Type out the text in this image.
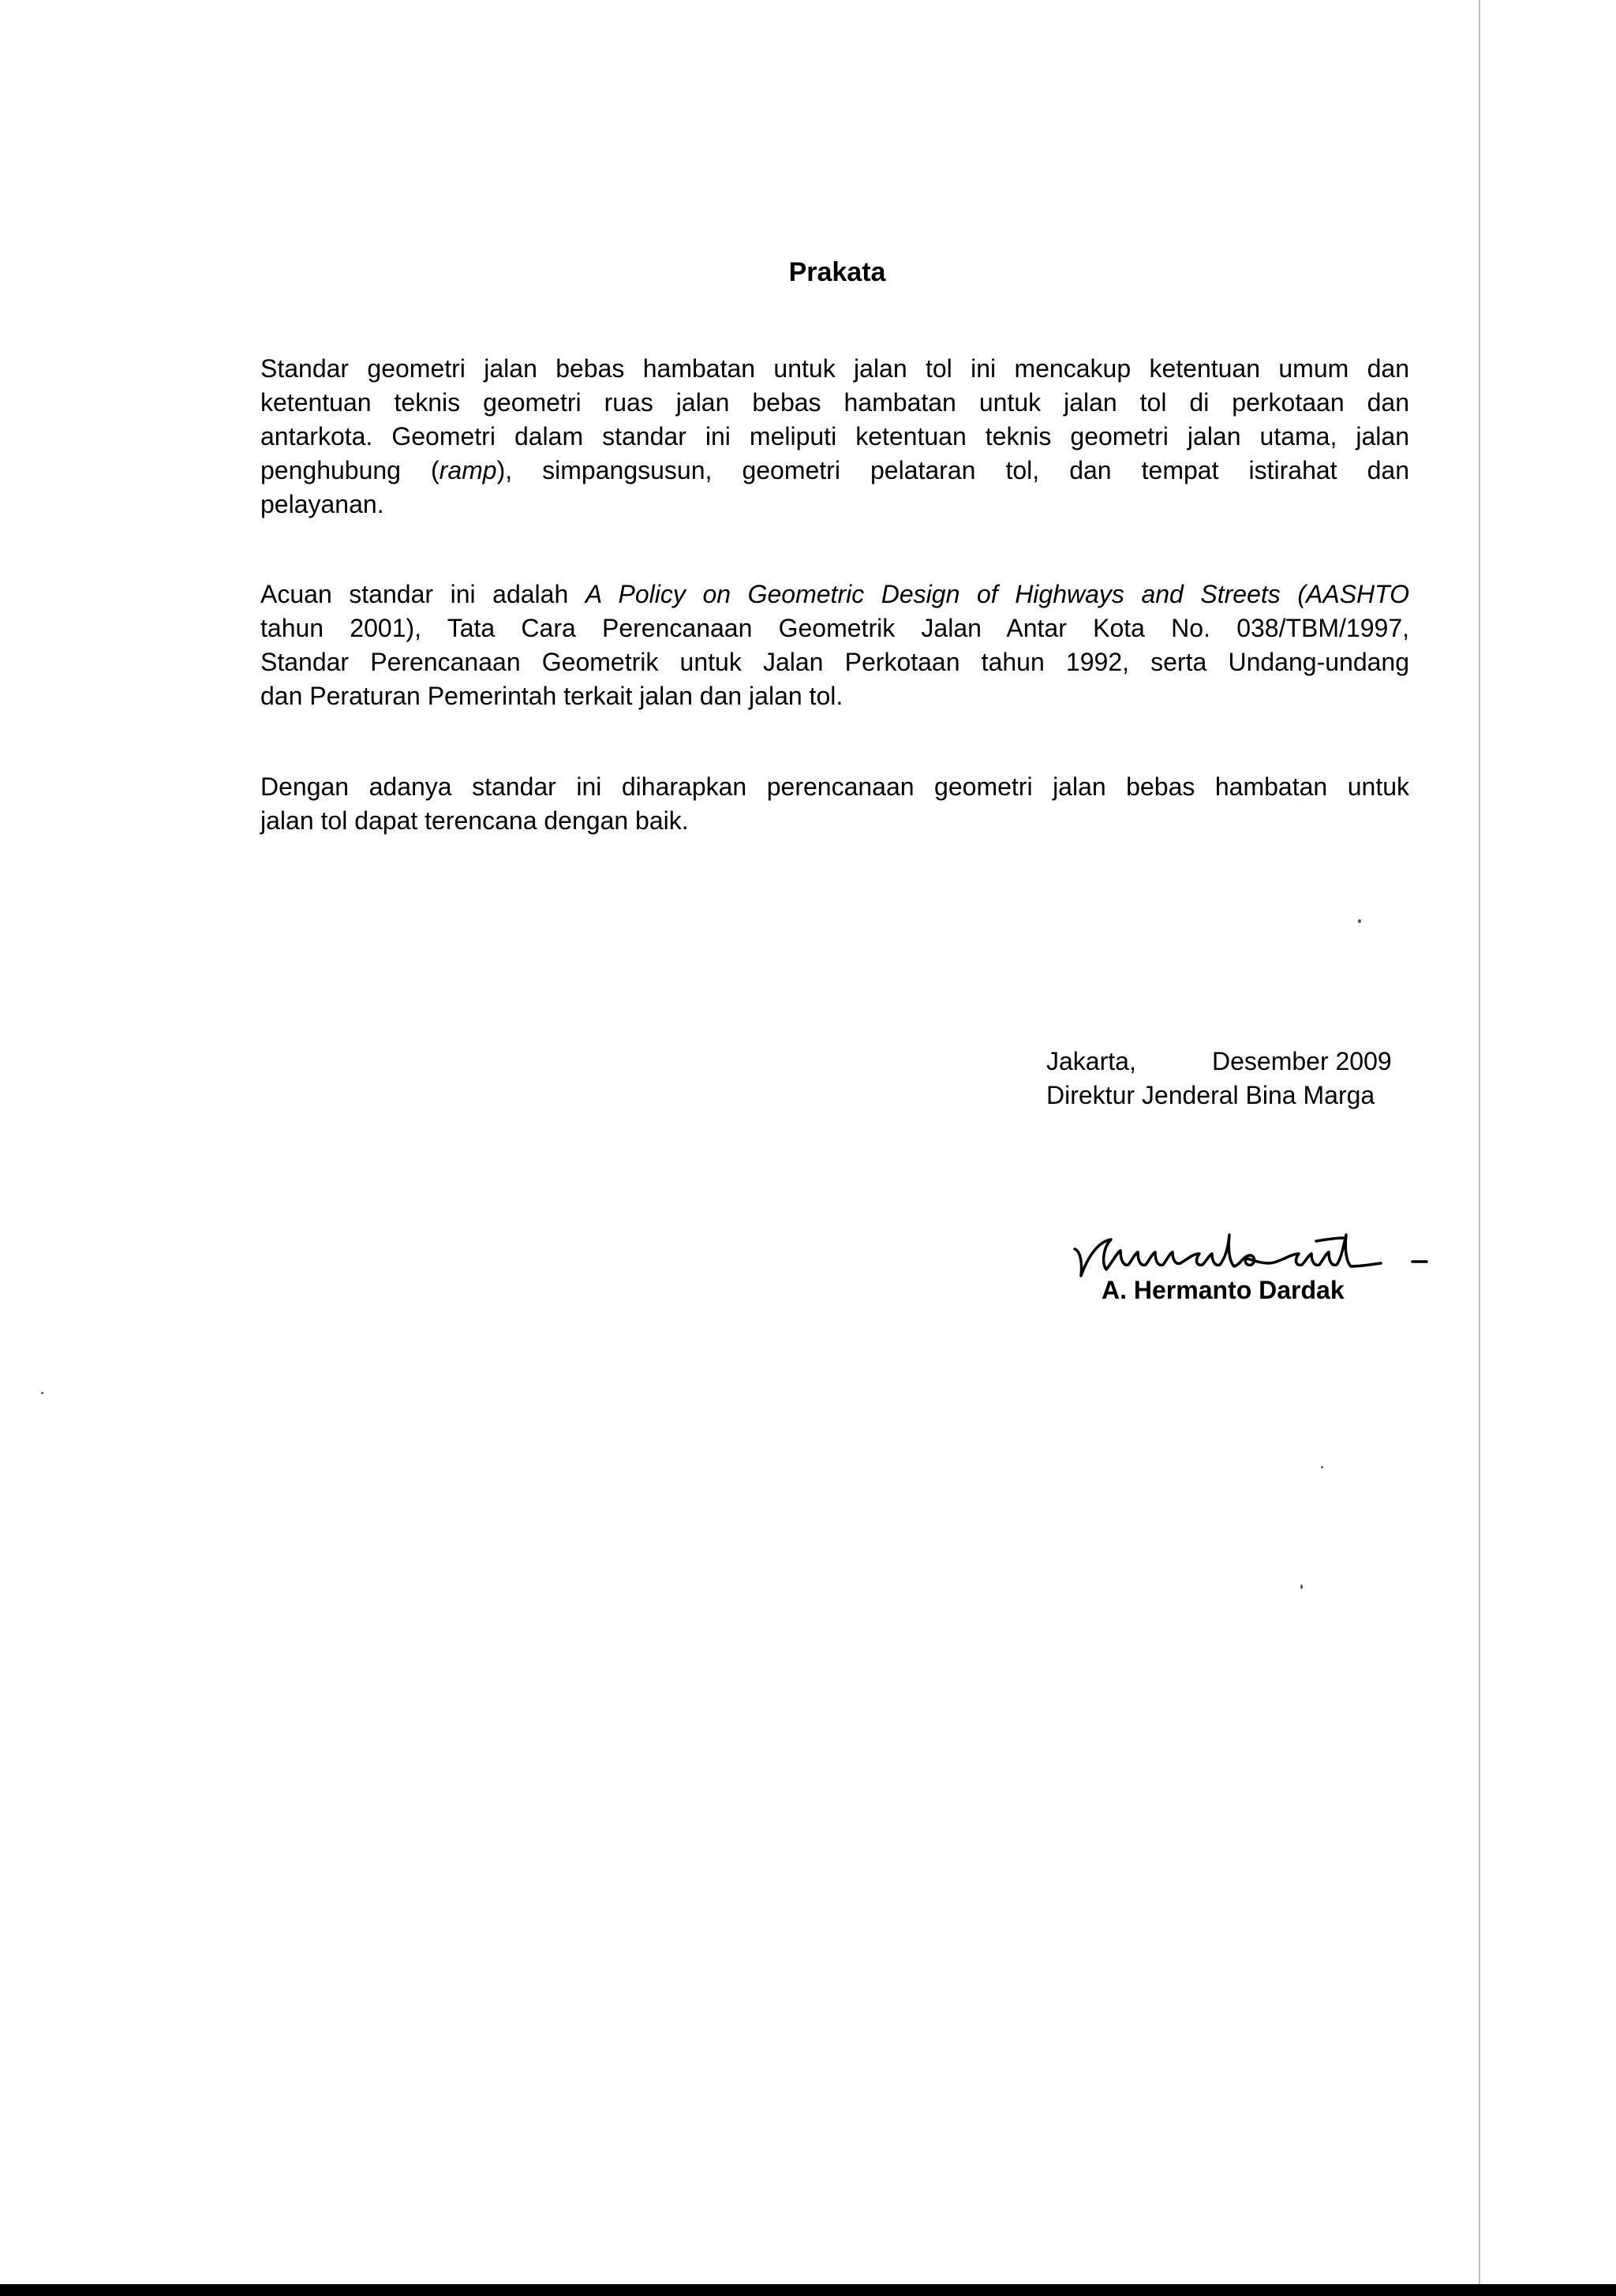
Prakata
Standar geometri jalan bebas hambatan untuk jalan tol ini mencakup ketentuan umum dan
ketentuan teknis geometri ruas jalan bebas hambatan untuk jalan tol di perkotaan dan
antarkota. Geometri dalam standar ini meliputi ketentuan teknis geometri jalan utama, jalan
penghubung (ramp), simpangsusun, geometri pelataran tol, dan tempat istirahat dan
pelayanan.
Acuan standar ini adalah A Policy on Geometric Design of Highways and Streets (AASHTO
tahun 2001), Tata Cara Perencanaan Geometrik Jalan Antar Kota No. 038/TBM/1997,
Standar Perencanaan Geometrik untuk Jalan Perkotaan tahun 1992, serta Undang-undang
dan Peraturan Pemerintah terkait jalan dan jalan tol.
Dengan adanya standar ini diharapkan perencanaan geometri jalan bebas hambatan untuk
jalan tol dapat terencana dengan baik.
Jakarta,	Desember 2009
Direktur Jenderal Bina Marga
A. Hermanto Dardak
